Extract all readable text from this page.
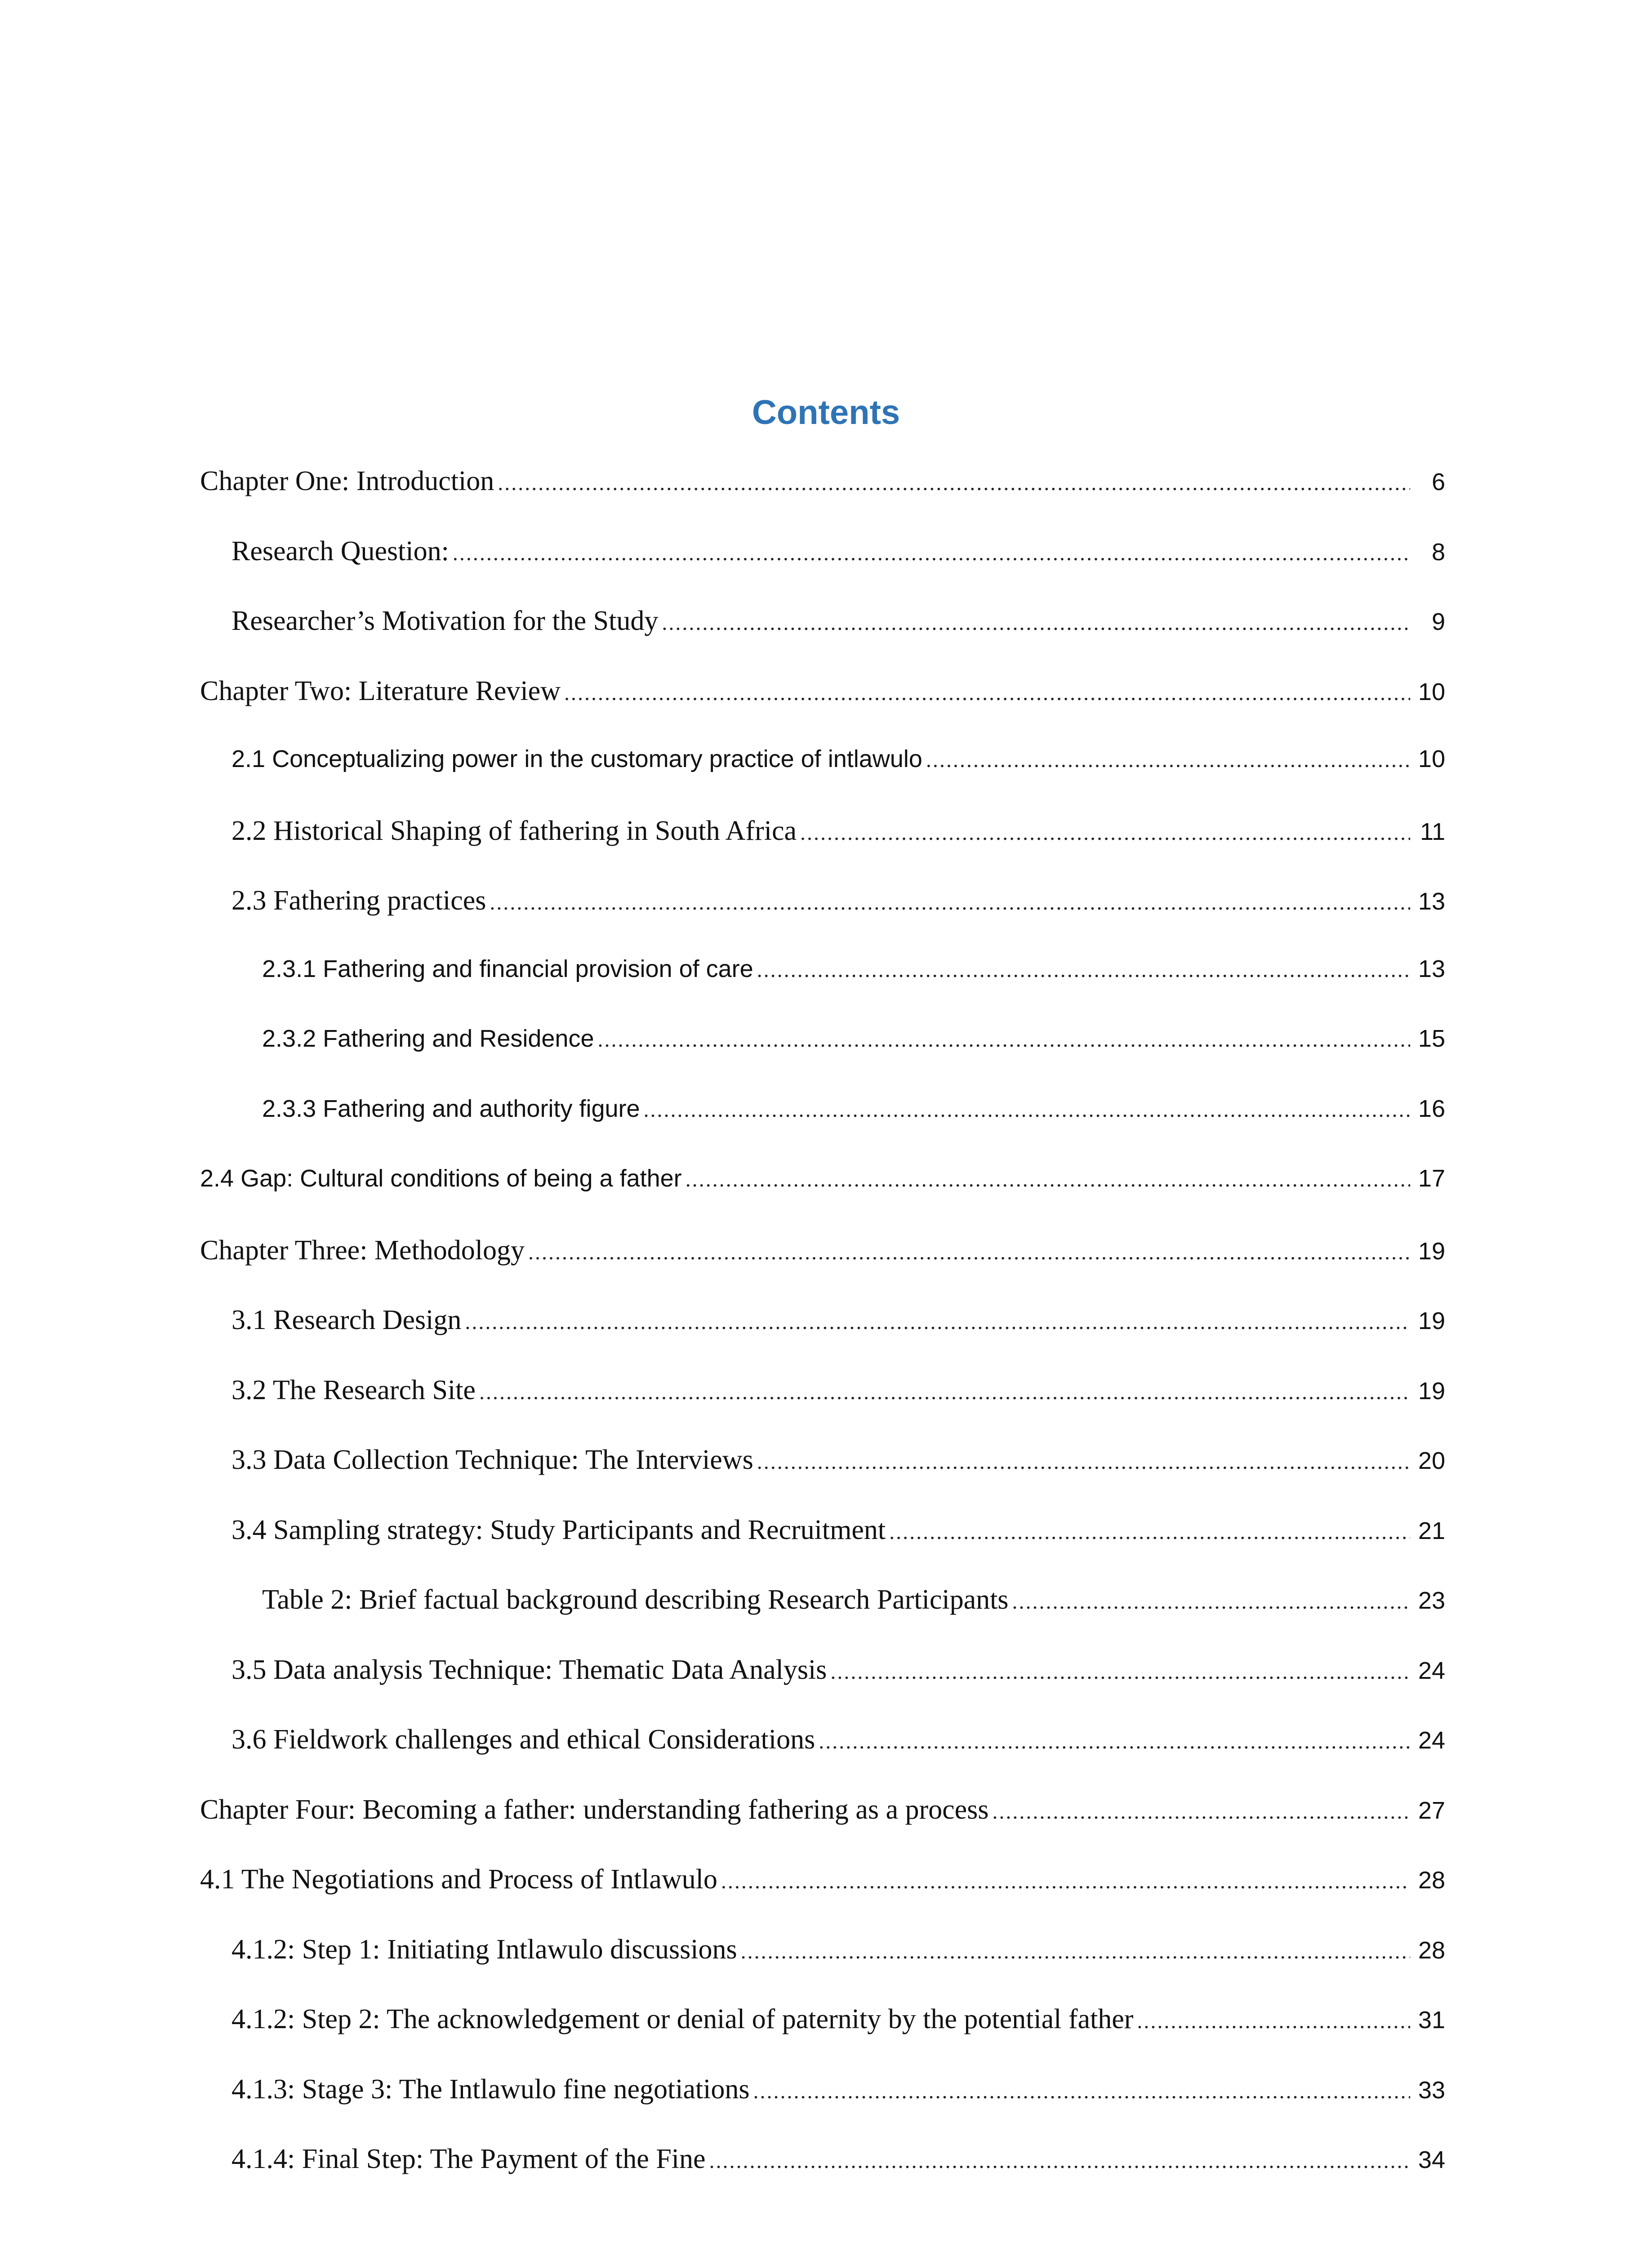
Contents
Chapter One: Introduction .....	6
Research Question: .....	8
Researcher’s Motivation for the Study .....	9
Chapter Two: Literature Review .....	10
2.1 Conceptualizing power in the customary practice of intlawulo .....	10
2.2 Historical Shaping of fathering in South Africa .....	11
2.3 Fathering practices .....	13
2.3.1 Fathering and financial provision of care .....	13
2.3.2 Fathering and Residence .....	15
2.3.3 Fathering and authority figure .....	16
2.4 Gap: Cultural conditions of being a father .....	17
Chapter Three: Methodology .....	19
3.1 Research Design .....	19
3.2 The Research Site .....	19
3.3 Data Collection Technique: The Interviews .....	20
3.4 Sampling strategy: Study Participants and Recruitment .....	21
Table 2: Brief factual background describing Research Participants .....	23
3.5 Data analysis Technique: Thematic Data Analysis .....	24
3.6 Fieldwork challenges and ethical Considerations .....	24
Chapter Four: Becoming a father: understanding fathering as a process .....	27
4.1 The Negotiations and Process of Intlawulo .....	28
4.1.2: Step 1: Initiating Intlawulo discussions .....	28
4.1.2: Step 2: The acknowledgement or denial of paternity by the potential father .....	31
4.1.3: Stage 3: The Intlawulo fine negotiations .....	33
4.1.4: Final Step: The Payment of the Fine .....	34
